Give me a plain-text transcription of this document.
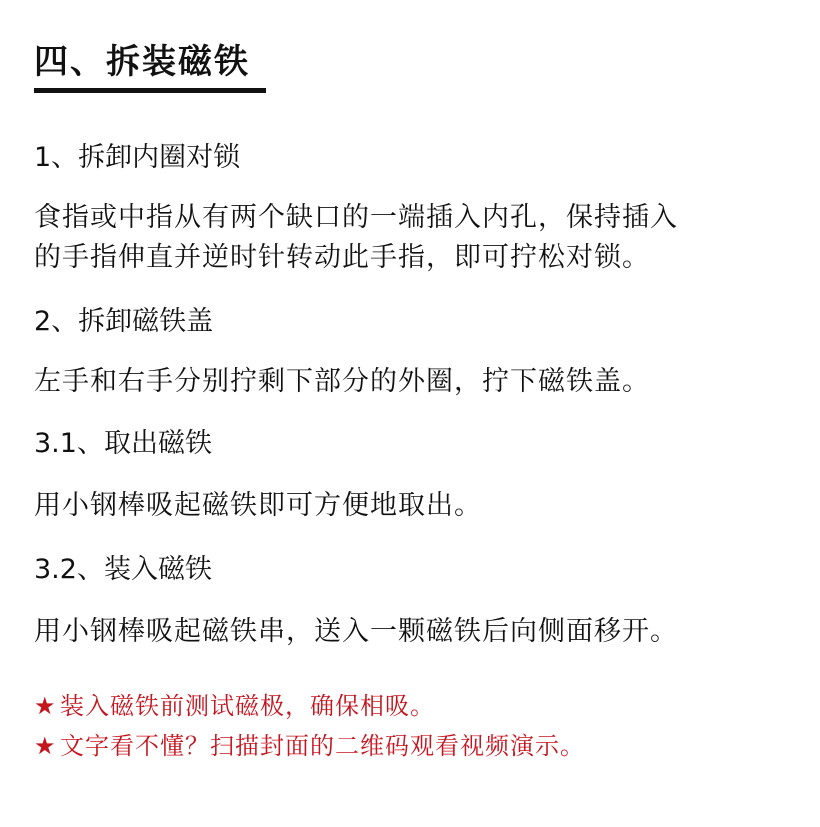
四、拆装磁铁
1、拆卸内圈对锁
食指或中指从有两个缺口的一端插入内孔，保持插入
的手指伸直并逆时针转动此手指，即可拧松对锁。
2、拆卸磁铁盖
左手和右手分别拧剩下部分的外圈，拧下磁铁盖。
3.1、取出磁铁
用小钢棒吸起磁铁即可方便地取出。
3.2、装入磁铁
用小钢棒吸起磁铁串，送入一颗磁铁后向侧面移开。
★ 装入磁铁前测试磁极，确保相吸。
★ 文字看不懂？扫描封面的二维码观看视频演示。
